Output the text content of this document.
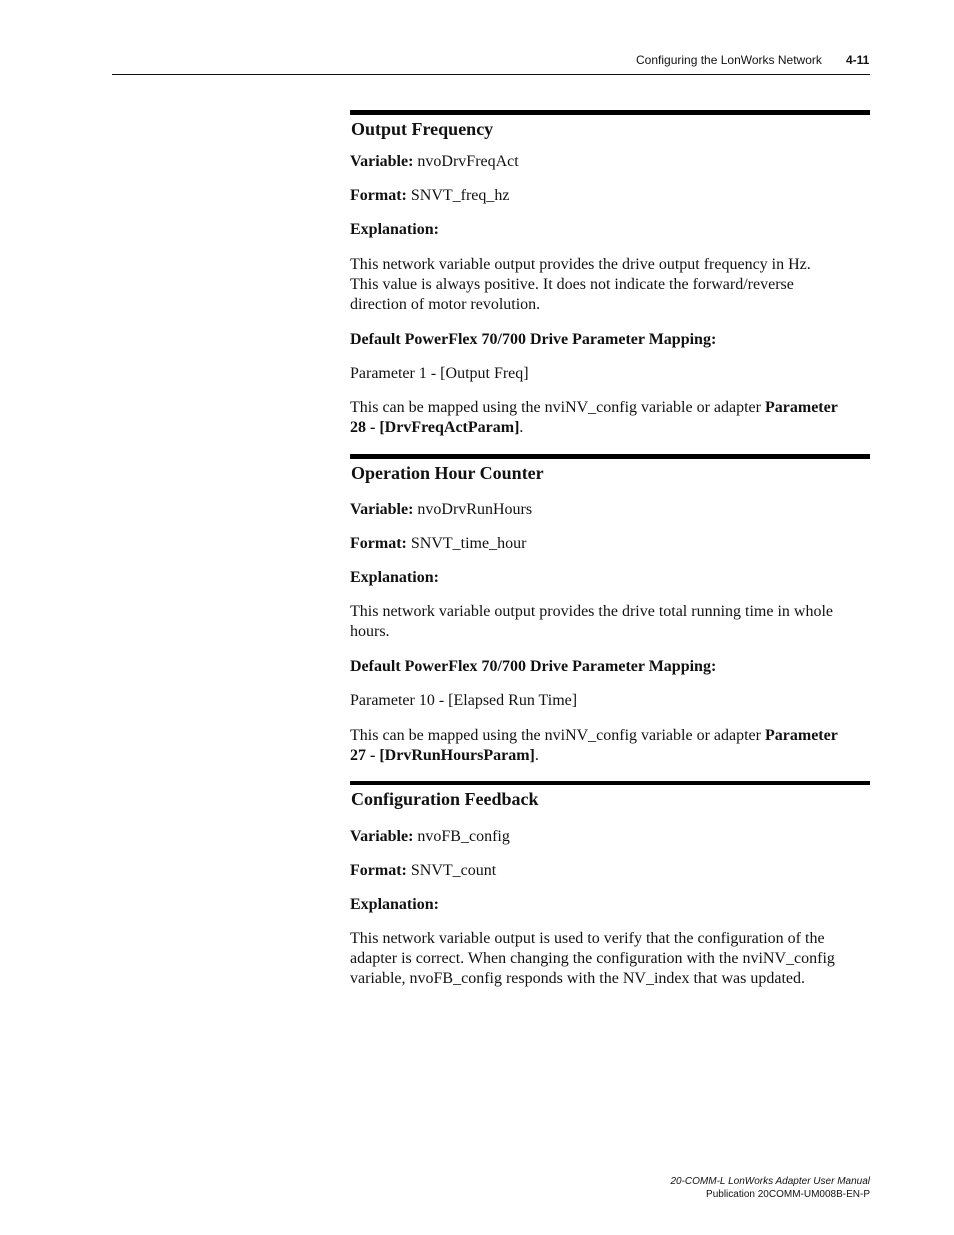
Configuring the LonWorks Network 4-11
Output Frequency
Variable: nvoDrvFreqAct
Format: SNVT_freq_hz
Explanation:
This network variable output provides the drive output frequency in Hz.
This value is always positive. It does not indicate the forward/reverse
direction of motor revolution.
Default PowerFlex 70/700 Drive Parameter Mapping:
Parameter 1 - [Output Freq]
This can be mapped using the nviNV_config variable or adapter Parameter
28 - [DrvFreqActParam].
Operation Hour Counter
Variable: nvoDrvRunHours
Format: SNVT_time_hour
Explanation:
This network variable output provides the drive total running time in whole
hours.
Default PowerFlex 70/700 Drive Parameter Mapping:
Parameter 10 - [Elapsed Run Time]
This can be mapped using the nviNV_config variable or adapter Parameter
27 - [DrvRunHoursParam].
Configuration Feedback
Variable: nvoFB_config
Format: SNVT_count
Explanation:
This network variable output is used to verify that the configuration of the
adapter is correct. When changing the configuration with the nviNV_config
variable, nvoFB_config responds with the NV_index that was updated.
20-COMM-L LonWorks Adapter User Manual
Publication 20COMM-UM008B-EN-P
